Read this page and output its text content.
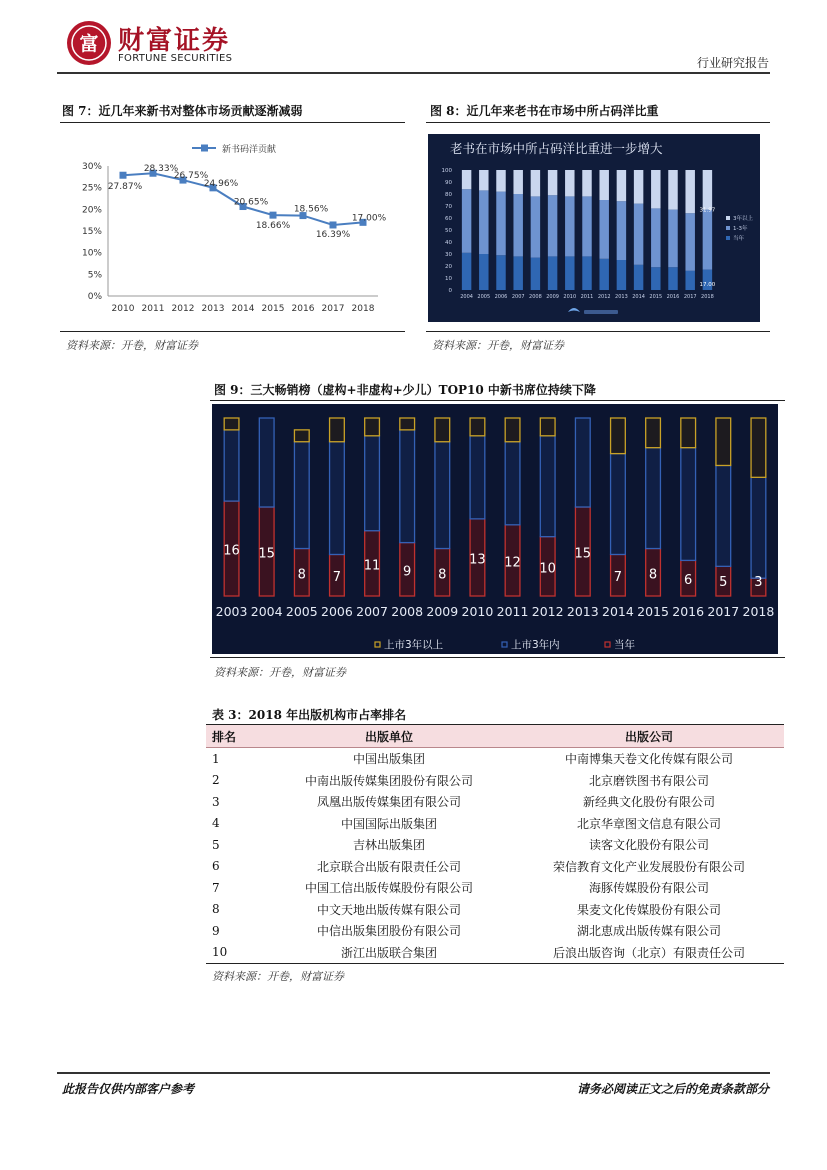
富 财富证券
FORTUNE SECURITIES	行业研究报告
图 7：近几年来新书对整体市场贡献逐渐减弱
0%
5%
10%
15%
20%
25%
30%
2010 2011 2012 2013 2014 2015 2016 2017 2018
27.87%
28.33%
26.75%
24.96%
20.65%
18.66%
18.56%
16.39%
17.00%
新书码洋贡献
资料来源：开卷，财富证券
图 8：近几年来老书在市场中所占码洋比重
老书在市场中所占码洋比重进一步增大
0
10
20
30
40
50
60
70
80
90
100
2004 2005 2006 2007 2008 2009 2010 2011 2012 2013 2014 2015 2016 2017 2018
31.97
17.00
3年以上
1-3年
当年
资料来源：开卷，财富证券
图 9：三大畅销榜（虚构+非虚构+少儿）TOP10 中新书席位持续下降
16
2003
15
2004
8
2005
7
2006
11
2007
9
2008
8
2009
13
2010
12
2011
10
2012
15
2013
7
2014
8
2015
6
2016
5
2017
3
2018
上市3年以上	上市3年内	当年
资料来源：开卷，财富证券
表 3：2018 年出版机构市占率排名
排名	出版单位	出版公司
1	中国出版集团	中南博集天卷文化传媒有限公司
2	中南出版传媒集团股份有限公司	北京磨铁图书有限公司
3	凤凰出版传媒集团有限公司	新经典文化股份有限公司
4	中国国际出版集团	北京华章图文信息有限公司
5	吉林出版集团	读客文化股份有限公司
6	北京联合出版有限责任公司	荣信教育文化产业发展股份有限公司
7	中国工信出版传媒股份有限公司	海豚传媒股份有限公司
8	中文天地出版传媒有限公司	果麦文化传媒股份有限公司
9	中信出版集团股份有限公司	湖北恵成出版传媒有限公司
10	浙江出版联合集团	后浪出版咨询（北京）有限责任公司
资料来源：开卷，财富证券
此报告仅供内部客户参考	请务必阅读正文之后的免责条款部分
